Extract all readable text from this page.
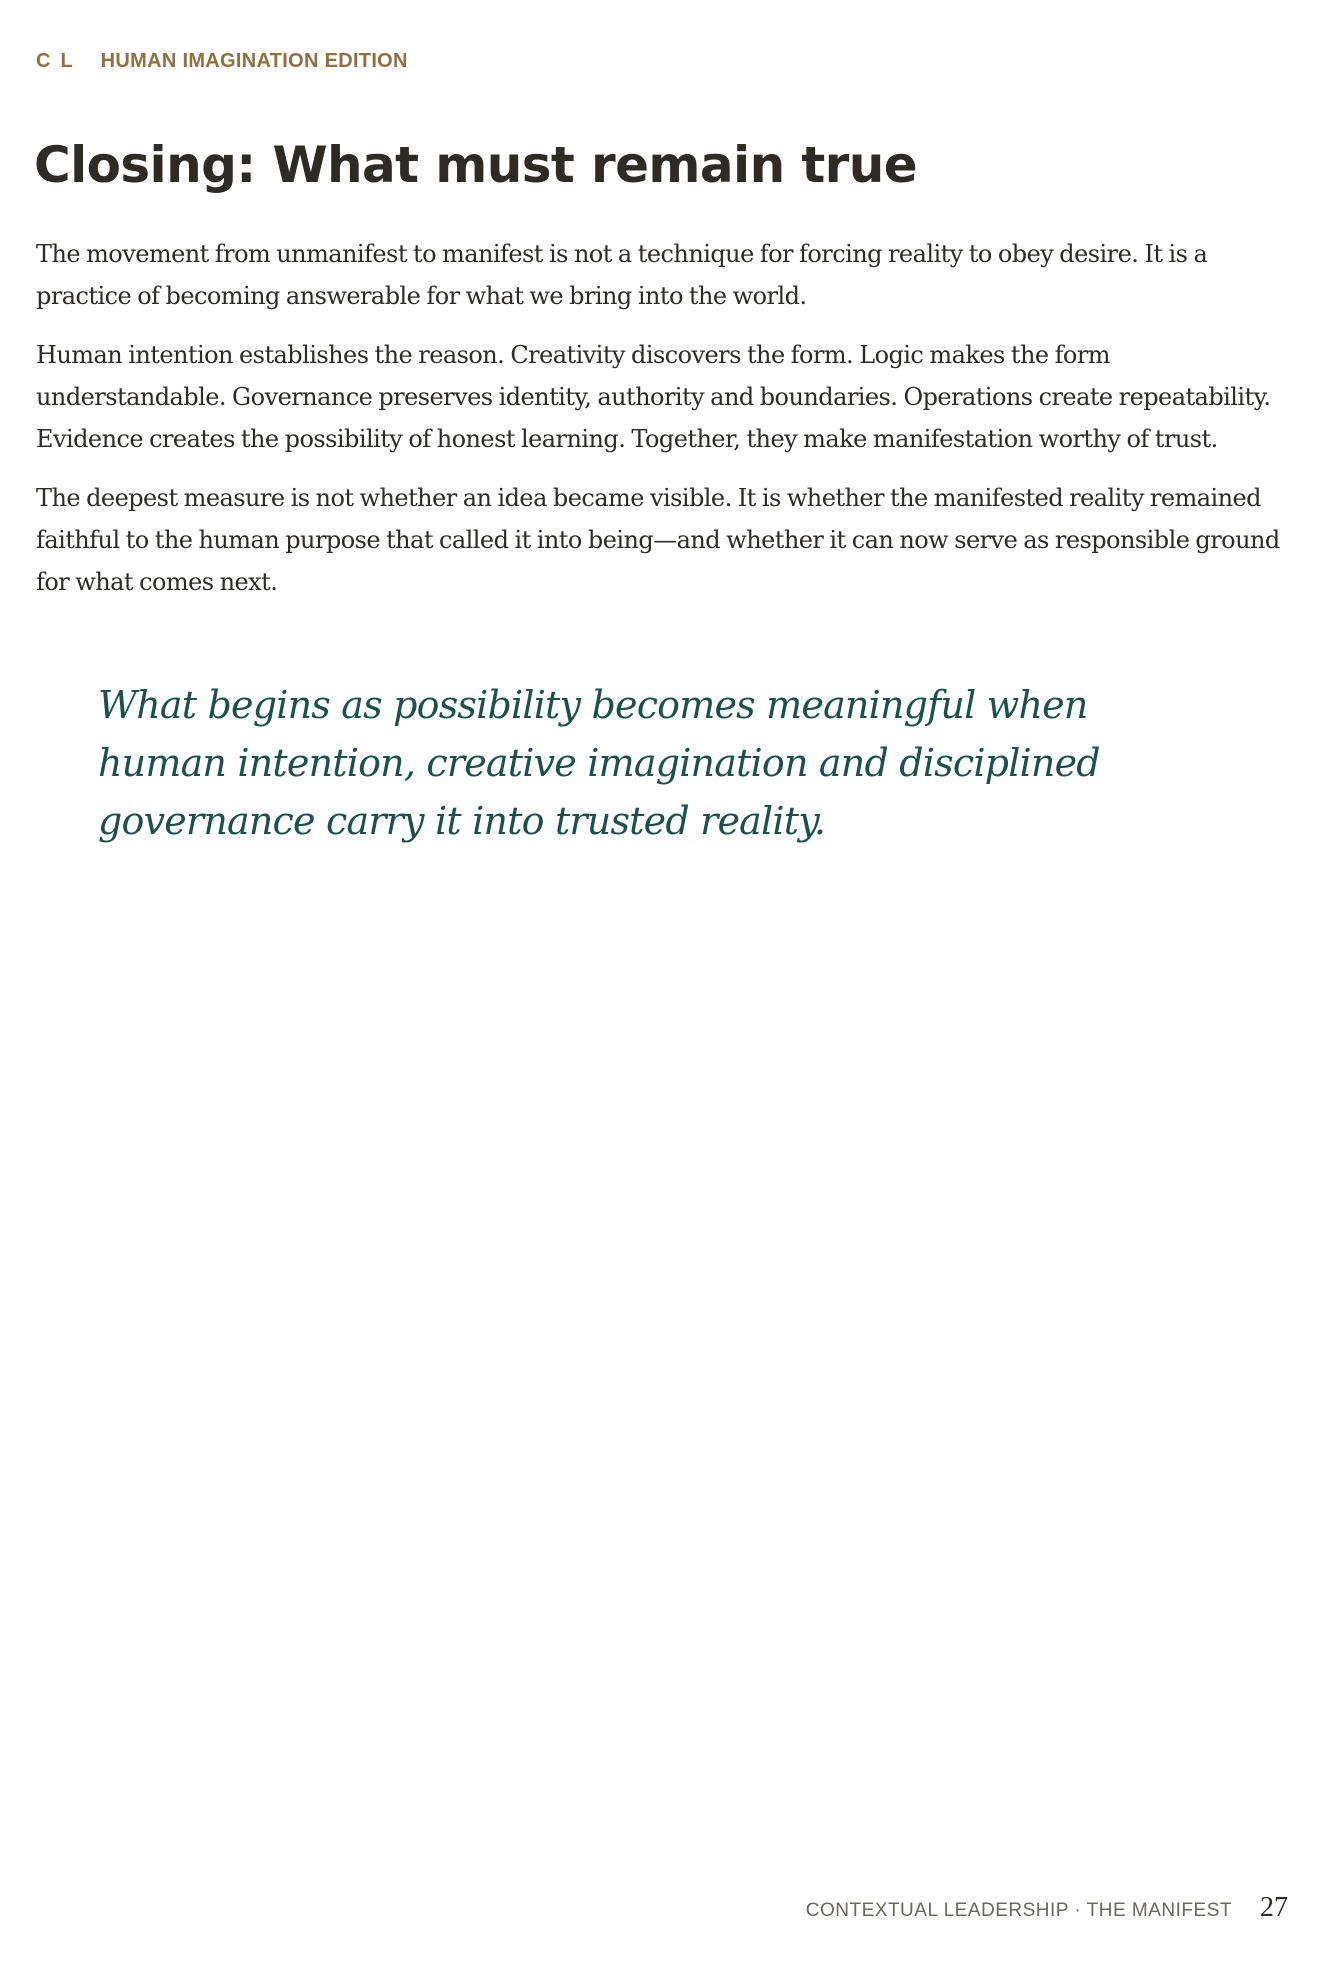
CL HUMAN IMAGINATION EDITION
Closing: What must remain true

The movement from unmanifest to manifest is not a technique for forcing reality to obey desire. It is a practice of becoming answerable for what we bring into the world.

Human intention establishes the reason. Creativity discovers the form. Logic makes the form understandable. Governance preserves identity, authority and boundaries. Operations create repeatability. Evidence creates the possibility of honest learning. Together, they make manifestation worthy of trust.

The deepest measure is not whether an idea became visible. It is whether the manifested reality remained faithful to the human purpose that called it into being—and whether it can now serve as responsible ground for what comes next.

What begins as possibility becomes meaningful when human intention, creative imagination and disciplined governance carry it into trusted reality.
CONTEXTUAL LEADERSHIP · THE MANIFEST 27
